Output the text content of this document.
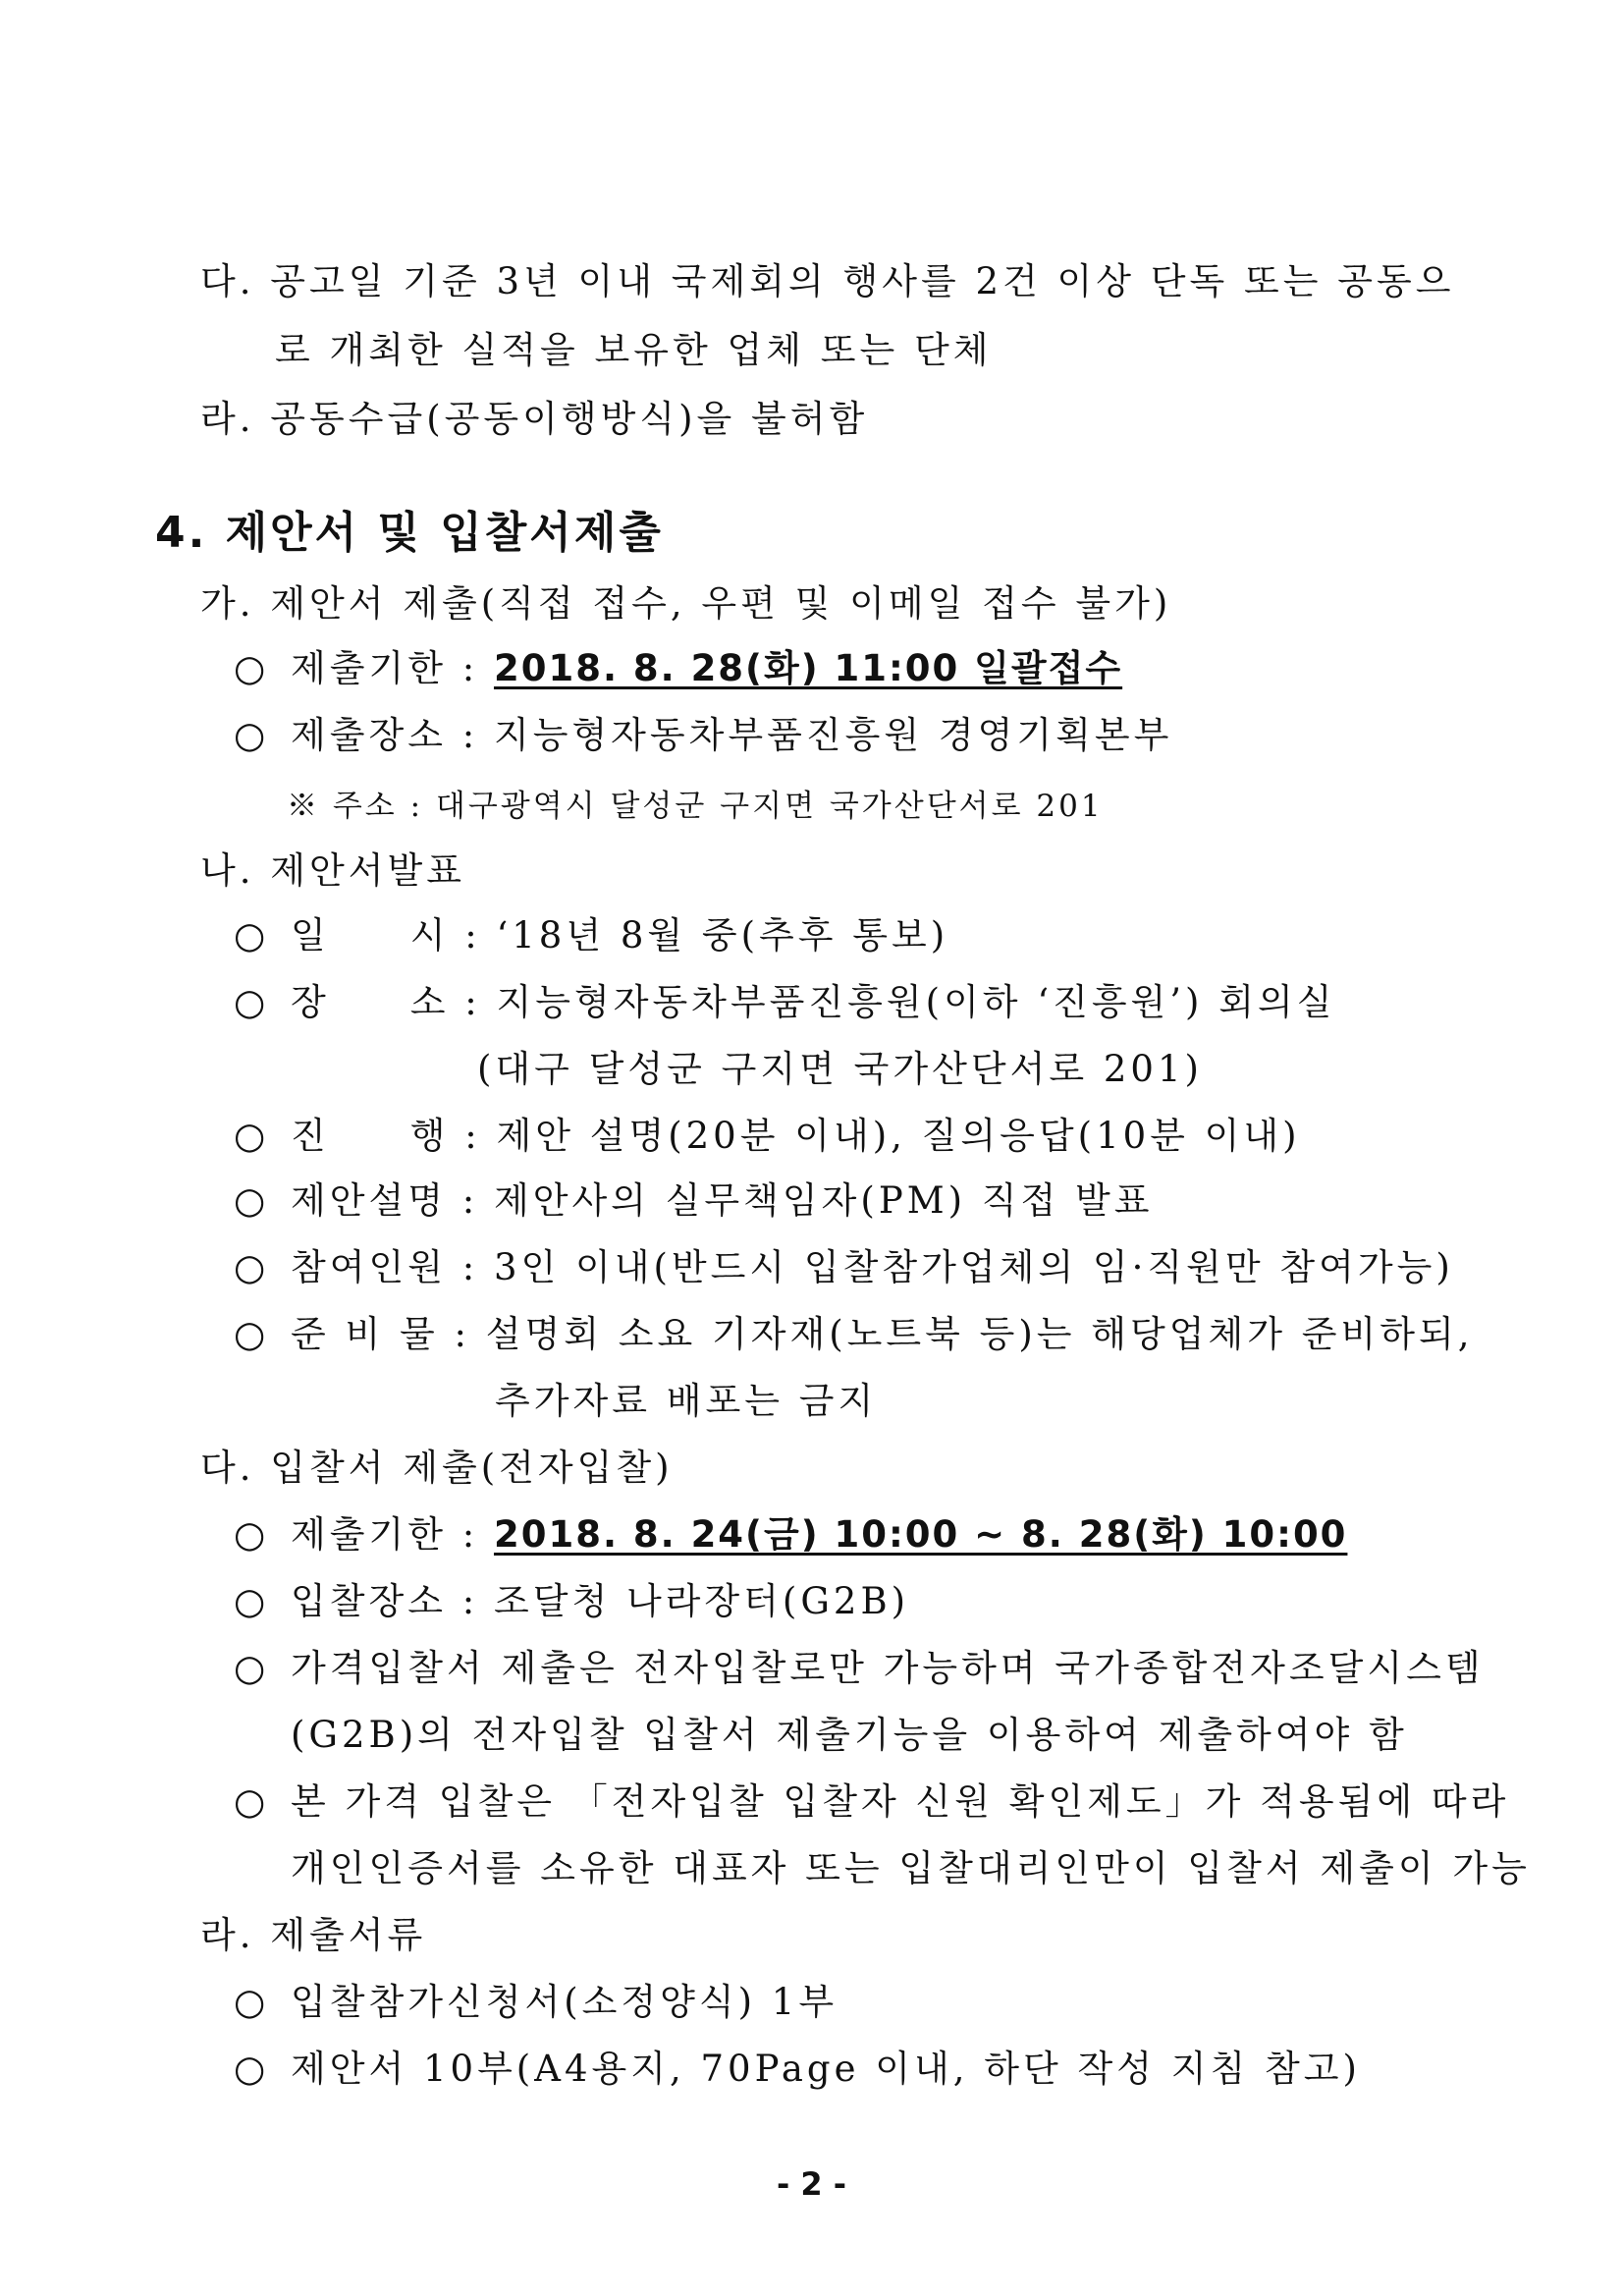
다. 공고일 기준 3년 이내 국제회의 행사를 2건 이상 단독 또는 공동으
로 개최한 실적을 보유한 업체 또는 단체
라. 공동수급(공동이행방식)을 불허함
4. 제안서 및 입찰서제출
가. 제안서 제출(직접 접수, 우편 및 이메일 접수 불가)
○ 제출기한 : 2018. 8. 28(화) 11:00 일괄접수
○ 제출장소 : 지능형자동차부품진흥원 경영기획본부
※ 주소 : 대구광역시 달성군 구지면 국가산단서로 201
나. 제안서발표
○ 일　　시 : ‘18년 8월 중(추후 통보)
○ 장　　소 : 지능형자동차부품진흥원(이하 ‘진흥원’) 회의실
(대구 달성군 구지면 국가산단서로 201)
○ 진　　행 : 제안 설명(20분 이내), 질의응답(10분 이내)
○ 제안설명 : 제안사의 실무책임자(PM) 직접 발표
○ 참여인원 : 3인 이내(반드시 입찰참가업체의 임·직원만 참여가능)
○ 준 비 물 : 설명회 소요 기자재(노트북 등)는 해당업체가 준비하되,
추가자료 배포는 금지
다. 입찰서 제출(전자입찰)
○ 제출기한 : 2018. 8. 24(금) 10:00 ~ 8. 28(화) 10:00
○ 입찰장소 : 조달청 나라장터(G2B)
○ 가격입찰서 제출은 전자입찰로만 가능하며 국가종합전자조달시스템
(G2B)의 전자입찰 입찰서 제출기능을 이용하여 제출하여야 함
○ 본 가격 입찰은 「전자입찰 입찰자 신원 확인제도」가 적용됨에 따라
개인인증서를 소유한 대표자 또는 입찰대리인만이 입찰서 제출이 가능
라. 제출서류
○ 입찰참가신청서(소정양식) 1부
○ 제안서 10부(A4용지, 70Page 이내, 하단 작성 지침 참고)
- 2 -
